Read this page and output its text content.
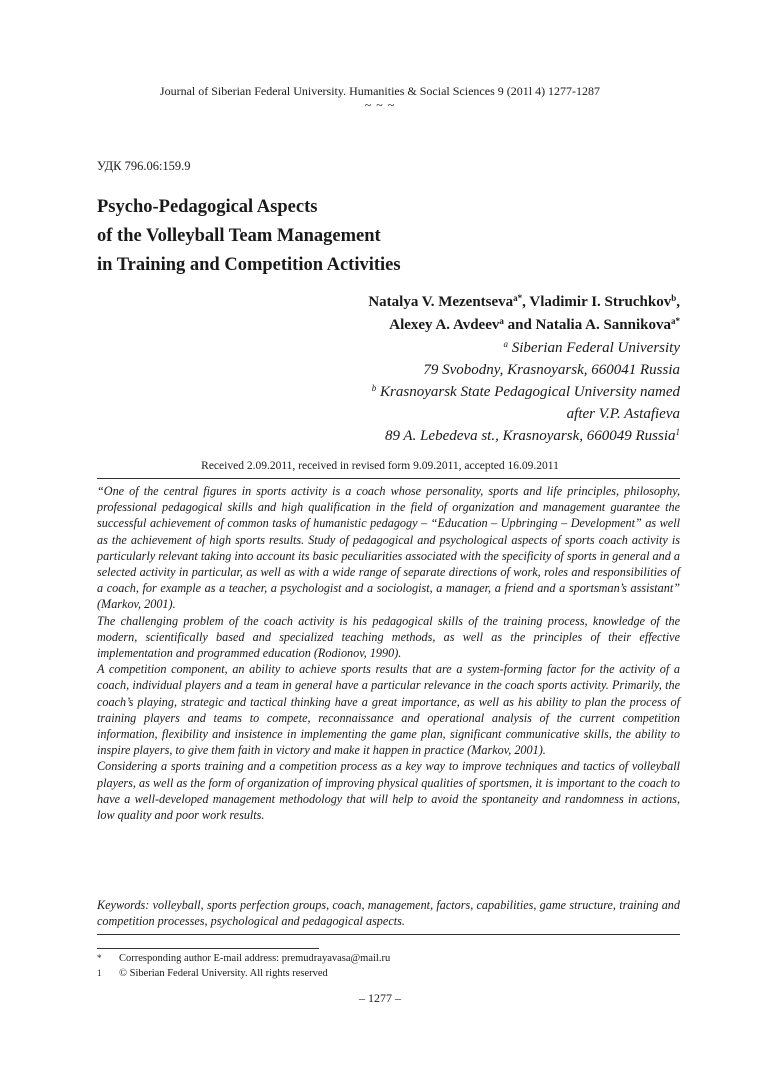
Journal of Siberian Federal University. Humanities & Social Sciences 9 (201l 4) 1277-1287
~ ~ ~
УДК 796.06:159.9
Psycho-Pedagogical Aspects
of the Volleyball Team Management
in Training and Competition Activities
Natalya V. Mezentseva$^{a*}$, Vladimir I. Struchkov$^b$,
Alexey A. Avdeev$^a$ and Natalia A. Sannikova$^{a*}$
$^a$ Siberian Federal University
79 Svobodny, Krasnoyarsk, 660041 Russia
$^b$ Krasnoyarsk State Pedagogical University named
after V.P. Astafieva
89 A. Lebedeva st., Krasnoyarsk, 660049 Russia$^1$
Received 2.09.2011, received in revised form 9.09.2011, accepted 16.09.2011

“One of the central figures in sports activity is a coach whose personality, sports and life principles, philosophy, professional pedagogical skills and high qualification in the field of organization and management guarantee the successful achievement of common tasks of humanistic pedagogy – “Education – Upbringing – Development” as well as the achievement of high sports results. Study of pedagogical and psychological aspects of sports coach activity is particularly relevant taking into account its basic peculiarities associated with the specificity of sports in general and a selected activity in particular, as well as with a wide range of separate directions of work, roles and responsibilities of a coach, for example as a teacher, a psychologist and a sociologist, a manager, a friend and a sportsman’s assistant” (Markov, 2001).

The challenging problem of the coach activity is his pedagogical skills of the training process, knowledge of the modern, scientifically based and specialized teaching methods, as well as the principles of their effective implementation and programmed education (Rodionov, 1990).

A competition component, an ability to achieve sports results that are a system-forming factor for the activity of a coach, individual players and a team in general have a particular relevance in the coach sports activity. Primarily, the coach’s playing, strategic and tactical thinking have a great importance, as well as his ability to plan the process of training players and teams to compete, reconnaissance and operational analysis of the current competition information, flexibility and insistence in implementing the game plan, significant communicative skills, the ability to inspire players, to give them faith in victory and make it happen in practice (Markov, 2001).

Considering a sports training and a competition process as a key way to improve techniques and tactics of volleyball players, as well as the form of organization of improving physical qualities of sportsmen, it is important to the coach to have a well-developed management methodology that will help to avoid the spontaneity and randomness in actions, low quality and poor work results.

Keywords: volleyball, sports perfection groups, coach, management, factors, capabilities, game structure, training and competition processes, psychological and pedagogical aspects.
*	Corresponding author E-mail address: premudrayavasa@mail.ru
1	© Siberian Federal University. All rights reserved
– 1277 –
